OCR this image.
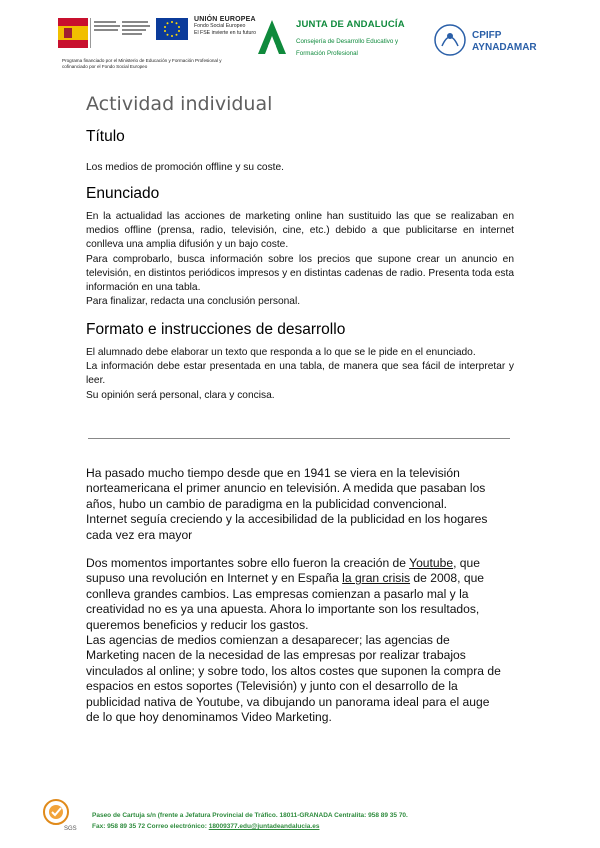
UNIÓN EUROPEA
Fondo Social Europeo
El FSE invierte en tu futuro
Programa financiado por el Ministerio de Educación y Formación Profesional y cofinanciado por el Fondo Social Europeo
JUNTA DE ANDALUCÍA
Consejería de Desarrollo Educativo y
Formación Profesional
CPIFP
AYNADAMAR
Actividad individual
Título

Los medios de promoción offline y su coste.

Enunciado

En la actualidad las acciones de marketing online han sustituido las que se realizaban en medios offline (prensa, radio, televisión, cine, etc.) debido a que publicitarse en internet conlleva una amplia difusión y un bajo coste.

Para comprobarlo, busca información sobre los precios que supone crear un anuncio en televisión, en distintos periódicos impresos y en distintas cadenas de radio. Presenta toda esta información en una tabla.

Para finalizar, redacta una conclusión personal.

Formato e instrucciones de desarrollo

El alumnado debe elaborar un texto que responda a lo que se le pide en el enunciado.

La información debe estar presentada en una tabla, de manera que sea fácil de interpretar y leer.

Su opinión será personal, clara y concisa.

Ha pasado mucho tiempo desde que en 1941 se viera en la televisión norteamericana el primer anuncio en televisión. A medida que pasaban los años, hubo un cambio de paradigma en la publicidad convencional.

Internet seguía creciendo y la accesibilidad de la publicidad en los hogares cada vez era mayor

Dos momentos importantes sobre ello fueron la creación de Youtube, que supuso una revolución en Internet y en España la gran crisis de 2008, que conlleva grandes cambios. Las empresas comienzan a pasarlo mal y la creatividad no es ya una apuesta. Ahora lo importante son los resultados, queremos beneficios y reducir los gastos.

Las agencias de medios comienzan a desaparecer; las agencias de Marketing nacen de la necesidad de las empresas por realizar trabajos vinculados al online; y sobre todo, los altos costes que suponen la compra de espacios en estos soportes (Televisión) y junto con el desarrollo de la publicidad nativa de Youtube, va dibujando un panorama ideal para el auge de lo que hoy denominamos Video Marketing.

SGS
Paseo de Cartuja s/n (frente a Jefatura Provincial de Tráfico. 18011-GRANADA Centralita: 958 89 35 70.
Fax: 958 89 35 72 Correo electrónico: 18009377.edu@juntadeandalucia.es
